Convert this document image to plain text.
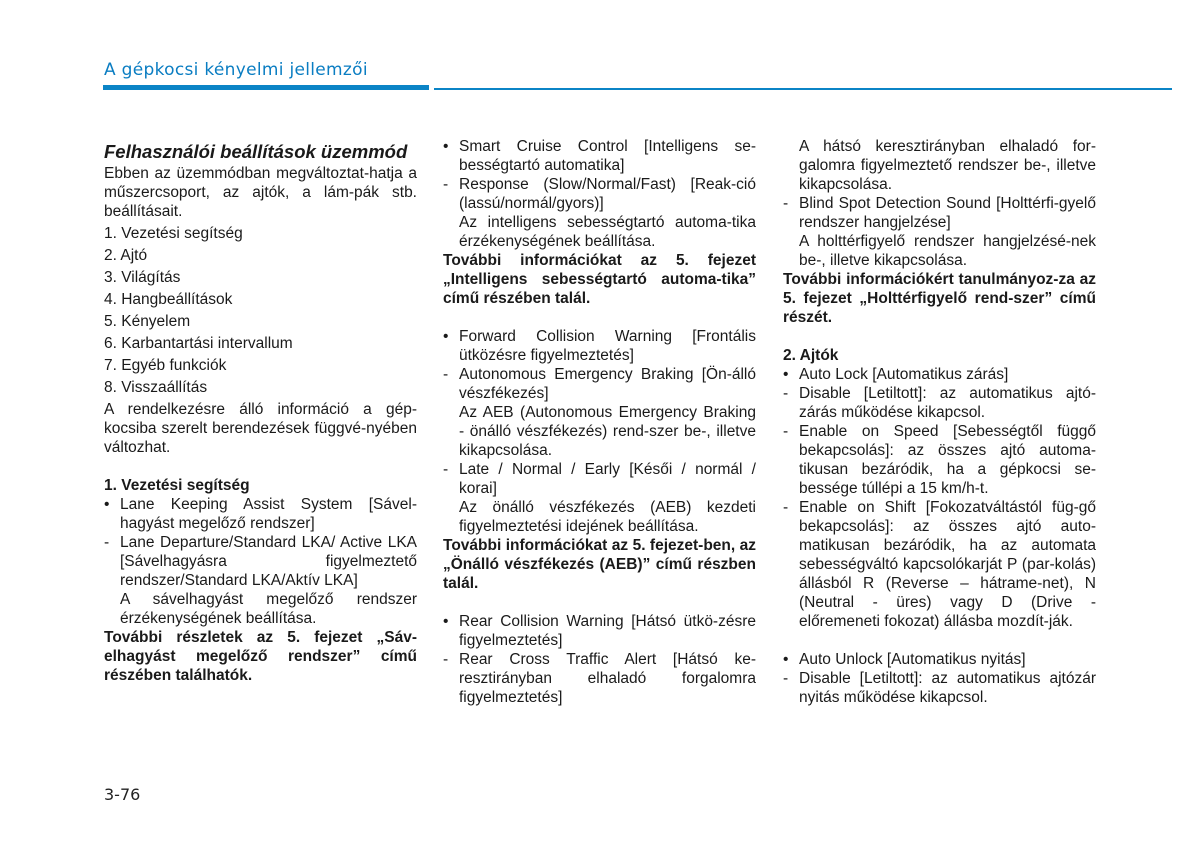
A gépkocsi kényelmi jellemzői

Felhasználói beállítások üzemmód

Ebben az üzemmódban megváltoztat-hatja a műszercsoport, az ajtók, a lám-pák stb. beállításait.

1. Vezetési segítség

2. Ajtó

3. Világítás

4. Hangbeállítások

5. Kényelem

6. Karbantartási intervallum

7. Egyéb funkciók

8. Visszaállítás

A rendelkezésre álló információ a gép-kocsiba szerelt berendezések függvé-nyében változhat.

1. Vezetési segítség

• Lane Keeping Assist System [Sável-hagyást megelőző rendszer]
- Lane Departure/Standard LKA/ Active LKA [Sávelhagyásra figyelmeztető rendszer/Standard LKA/Aktív LKA]

A sávelhagyást megelőző rendszer érzékenységének beállítása.

További részletek az 5. fejezet „Sáv-elhagyást megelőző rendszer” című részében találhatók.

• Smart Cruise Control [Intelligens se-bességtartó automatika]
- Response (Slow/Normal/Fast) [Reak-ció (lassú/normál/gyors)]

Az intelligens sebességtartó automa-tika érzékenységének beállítása.

További információkat az 5. fejezet „Intelligens sebességtartó automa-tika” című részében talál.

• Forward Collision Warning [Frontális ütközésre figyelmeztetés]
- Autonomous Emergency Braking [Ön-álló vészfékezés]

Az AEB (Autonomous Emergency Braking - önálló vészfékezés) rend-szer be-, illetve kikapcsolása.

- Late / Normal / Early [Késői / normál / korai]

Az önálló vészfékezés (AEB) kezdeti figyelmeztetési idejének beállítása.

További információkat az 5. fejezet-ben, az „Önálló vészfékezés (AEB)” című részben talál.

• Rear Collision Warning [Hátsó ütkö-zésre figyelmeztetés]
- Rear Cross Traffic Alert [Hátsó ke-resztirányban elhaladó forgalomra figyelmeztetés]

A hátsó keresztirányban elhaladó for-galomra figyelmeztető rendszer be-, illetve kikapcsolása.

- Blind Spot Detection Sound [Holttérfi-gyelő rendszer hangjelzése]

A holttérfigyelő rendszer hangjelzésé-nek be-, illetve kikapcsolása.

További információkért tanulmányoz-za az 5. fejezet „Holttérfigyelő rend-szer” című részét.

2. Ajtók

• Auto Lock [Automatikus zárás]
- Disable [Letiltott]: az automatikus ajtó-zárás működése kikapcsol.
- Enable on Speed [Sebességtől függő bekapcsolás]: az összes ajtó automa-tikusan bezáródik, ha a gépkocsi se-bessége túllépi a 15 km/h-t.
- Enable on Shift [Fokozatváltástól füg-gő bekapcsolás]: az összes ajtó auto-matikusan bezáródik, ha az automata sebességváltó kapcsolókarját P (par-kolás) állásból R (Reverse – hátrame-net), N (Neutral - üres) vagy D (Drive - előremeneti fokozat) állásba mozdít-ják.
• Auto Unlock [Automatikus nyitás]
- Disable [Letiltott]: az automatikus ajtózár nyitás működése kikapcsol.
3-76
